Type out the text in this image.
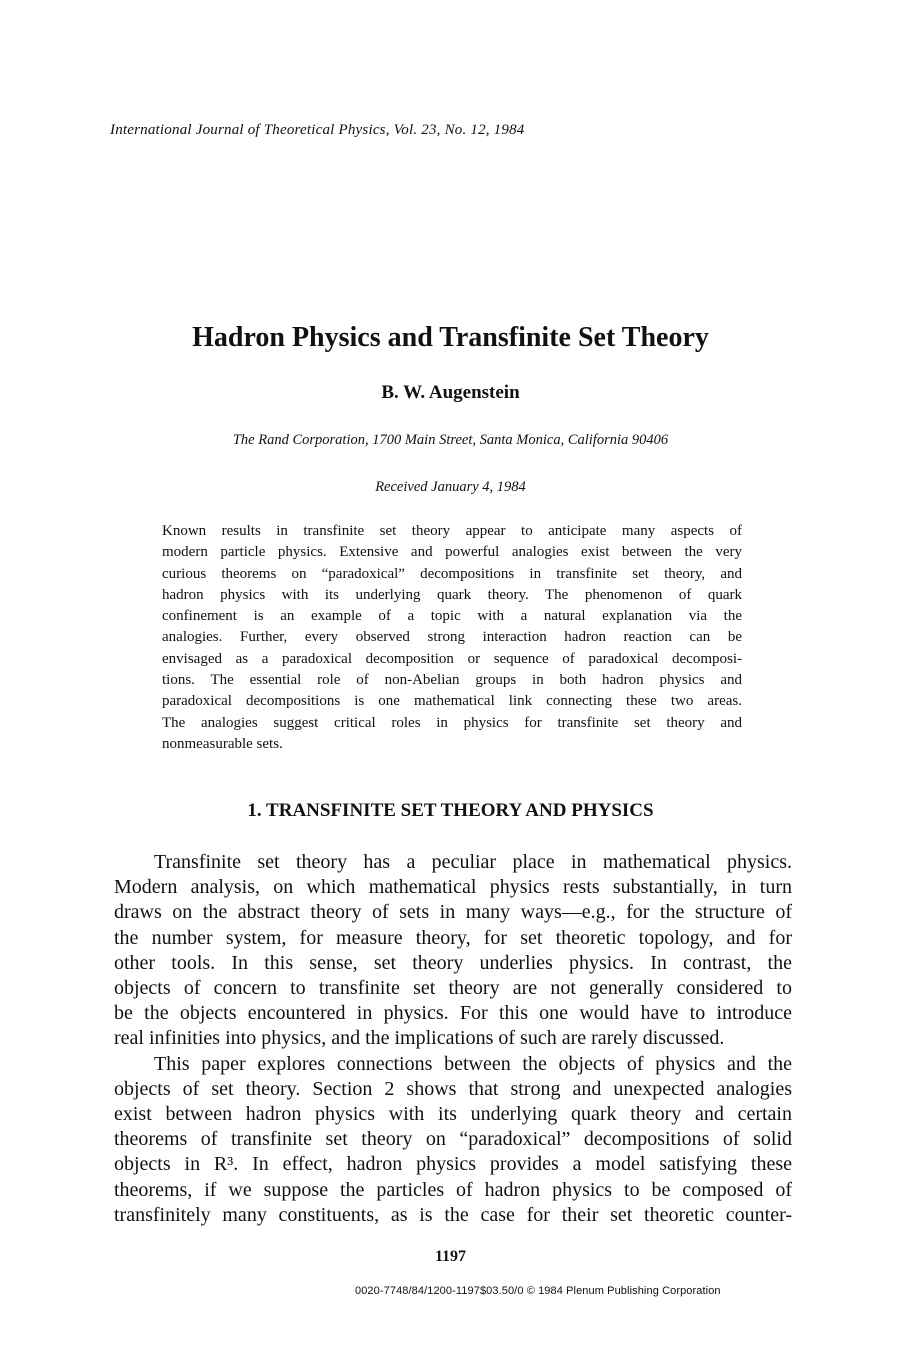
International Journal of Theoretical Physics, Vol. 23, No. 12, 1984
Hadron Physics and Transfinite Set Theory
B. W. Augenstein
The Rand Corporation, 1700 Main Street, Santa Monica, California 90406
Received January 4, 1984
Known results in transfinite set theory appear to anticipate many aspects of
modern particle physics. Extensive and powerful analogies exist between the very
curious theorems on “paradoxical” decompositions in transfinite set theory, and
hadron physics with its underlying quark theory. The phenomenon of quark
confinement is an example of a topic with a natural explanation via the
analogies. Further, every observed strong interaction hadron reaction can be
envisaged as a paradoxical decomposition or sequence of paradoxical decomposi-
tions. The essential role of non-Abelian groups in both hadron physics and
paradoxical decompositions is one mathematical link connecting these two areas.
The analogies suggest critical roles in physics for transfinite set theory and
nonmeasurable sets.
1. TRANSFINITE SET THEORY AND PHYSICS
Transfinite set theory has a peculiar place in mathematical physics.
Modern analysis, on which mathematical physics rests substantially, in turn
draws on the abstract theory of sets in many ways—e.g., for the structure of
the number system, for measure theory, for set theoretic topology, and for
other tools. In this sense, set theory underlies physics. In contrast, the
objects of concern to transfinite set theory are not generally considered to
be the objects encountered in physics. For this one would have to introduce
real infinities into physics, and the implications of such are rarely discussed.
This paper explores connections between the objects of physics and the
objects of set theory. Section 2 shows that strong and unexpected analogies
exist between hadron physics with its underlying quark theory and certain
theorems of transfinite set theory on “paradoxical” decompositions of solid
objects in R³. In effect, hadron physics provides a model satisfying these
theorems, if we suppose the particles of hadron physics to be composed of
transfinitely many constituents, as is the case for their set theoretic counter-
1197
0020-7748/84/1200-1197$03.50/0 © 1984 Plenum Publishing Corporation
